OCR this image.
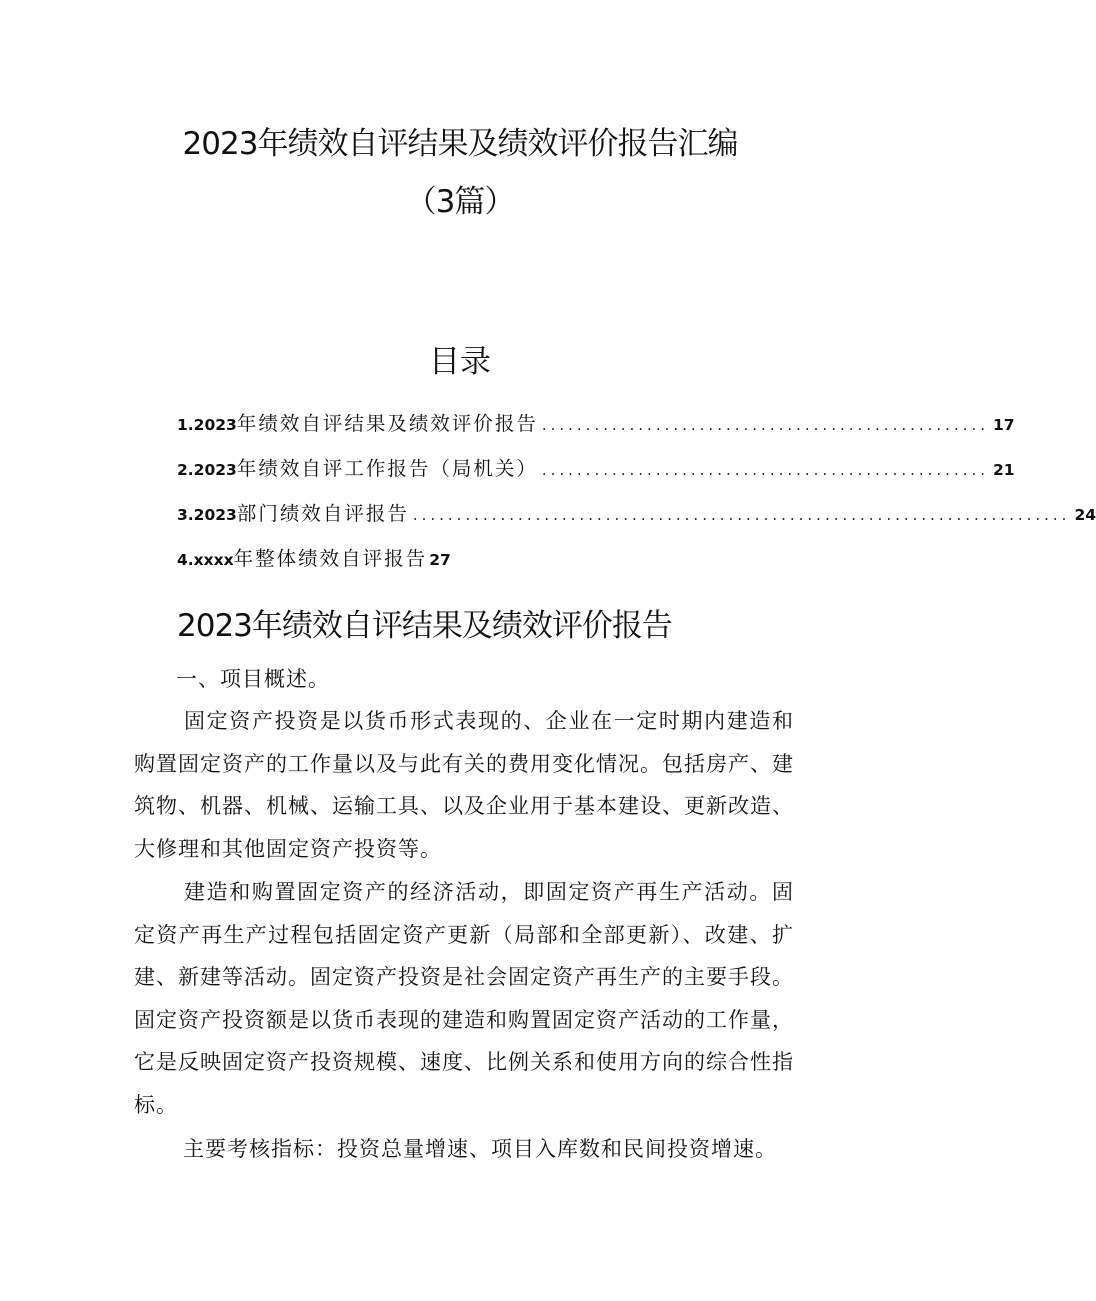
2023年绩效自评结果及绩效评价报告汇编
（3篇）
目录
1.2023 年绩效自评结果及绩效评价报告 ................................................... 17
2.2023 年绩效自评工作报告（局机关） ................................................... 21
3.2023 部门绩效自评报告 ........................................................................... 24
4.xxxx 年整体绩效自评报告 27
2023年绩效自评结果及绩效评价报告
一、项目概述。
固定资产投资是以货币形式表现的、企业在一定时期内建造和购置固定资产的工作量以及与此有关的费用变化情况。包括房产、建筑物、机器、机械、运输工具、以及企业用于基本建设、更新改造、大修理和其他固定资产投资等。
建造和购置固定资产的经济活动，即固定资产再生产活动。固定资产再生产过程包括固定资产更新（局部和全部更新）、改建、扩建、新建等活动。固定资产投资是社会固定资产再生产的主要手段。固定资产投资额是以货币表现的建造和购置固定资产活动的工作量，它是反映固定资产投资规模、速度、比例关系和使用方向的综合性指标。
主要考核指标：投资总量增速、项目入库数和民间投资增速。
